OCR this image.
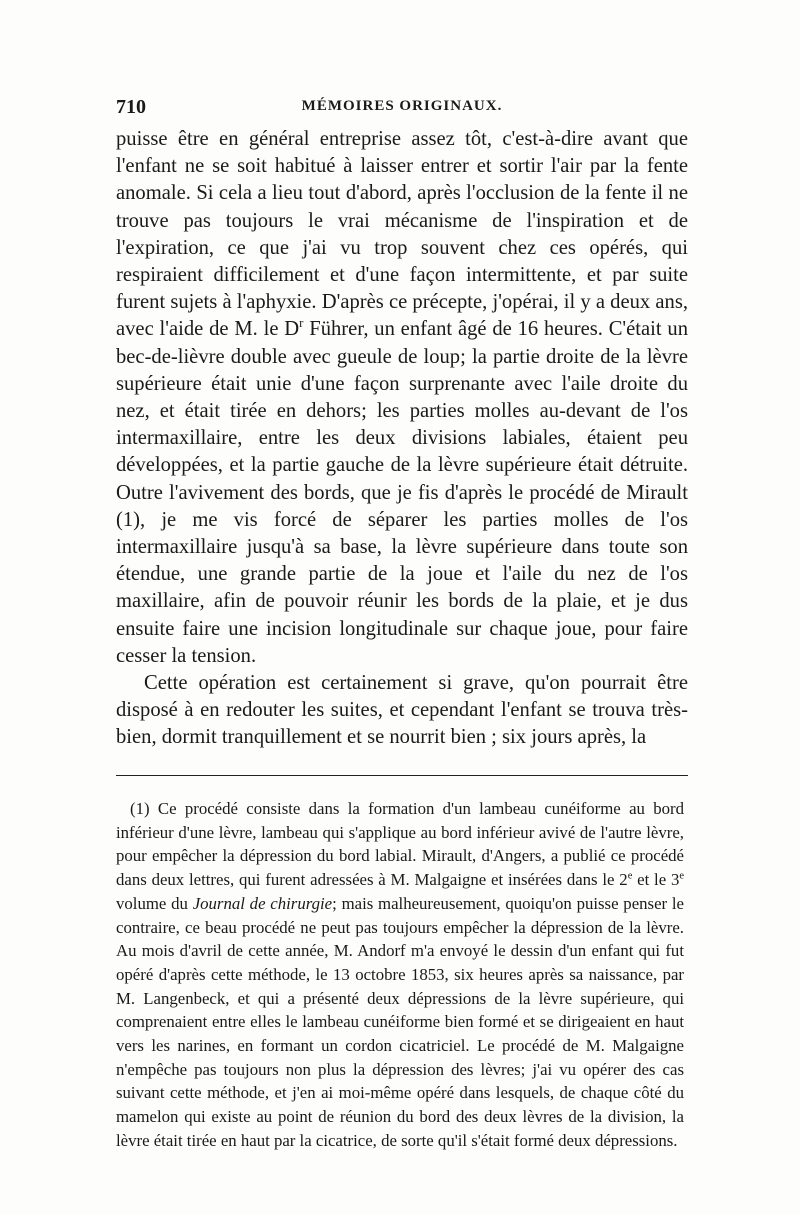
710	MÉMOIRES ORIGINAUX.

puisse être en général entreprise assez tôt, c'est-à-dire avant que l'enfant ne se soit habitué à laisser entrer et sortir l'air par la fente anomale. Si cela a lieu tout d'abord, après l'occlusion de la fente il ne trouve pas toujours le vrai mécanisme de l'inspiration et de l'expiration, ce que j'ai vu trop souvent chez ces opérés, qui respiraient difficilement et d'une façon intermittente, et par suite furent sujets à l'aphyxie. D'après ce précepte, j'opérai, il y a deux ans, avec l'aide de M. le $D^r$ Führer, un enfant âgé de 16 heures. C'était un bec-de-lièvre double avec gueule de loup; la partie droite de la lèvre supérieure était unie d'une façon surprenante avec l'aile droite du nez, et était tirée en dehors; les parties molles au-devant de l'os intermaxillaire, entre les deux divisions labiales, étaient peu développées, et la partie gauche de la lèvre supérieure était détruite. Outre l'avivement des bords, que je fis d'après le procédé de Mirault (1), je me vis forcé de séparer les parties molles de l'os intermaxillaire jusqu'à sa base, la lèvre supérieure dans toute son étendue, une grande partie de la joue et l'aile du nez de l'os maxillaire, afin de pouvoir réunir les bords de la plaie, et je dus ensuite faire une incision longitudinale sur chaque joue, pour faire cesser la tension.

Cette opération est certainement si grave, qu'on pourrait être disposé à en redouter les suites, et cependant l'enfant se trouva très-bien, dormit tranquillement et se nourrit bien ; six jours après, la

(1) Ce procédé consiste dans la formation d'un lambeau cunéiforme au bord inférieur d'une lèvre, lambeau qui s'applique au bord inférieur avivé de l'autre lèvre, pour empêcher la dépression du bord labial. Mirault, d'Angers, a publié ce procédé dans deux lettres, qui furent adressées à M. Malgaigne et insérées dans le 2e et le 3e volume du Journal de chirurgie; mais malheureusement, quoiqu'on puisse penser le contraire, ce beau procédé ne peut pas toujours empêcher la dépression de la lèvre. Au mois d'avril de cette année, M. Andorf m'a envoyé le dessin d'un enfant qui fut opéré d'après cette méthode, le 13 octobre 1853, six heures après sa naissance, par M. Langenbeck, et qui a présenté deux dépressions de la lèvre supérieure, qui comprenaient entre elles le lambeau cunéiforme bien formé et se dirigeaient en haut vers les narines, en formant un cordon cicatriciel. Le procédé de M. Malgaigne n'empêche pas toujours non plus la dépression des lèvres; j'ai vu opérer des cas suivant cette méthode, et j'en ai moi-même opéré dans lesquels, de chaque côté du mamelon qui existe au point de réunion du bord des deux lèvres de la division, la lèvre était tirée en haut par la cicatrice, de sorte qu'il s'était formé deux dépressions.
